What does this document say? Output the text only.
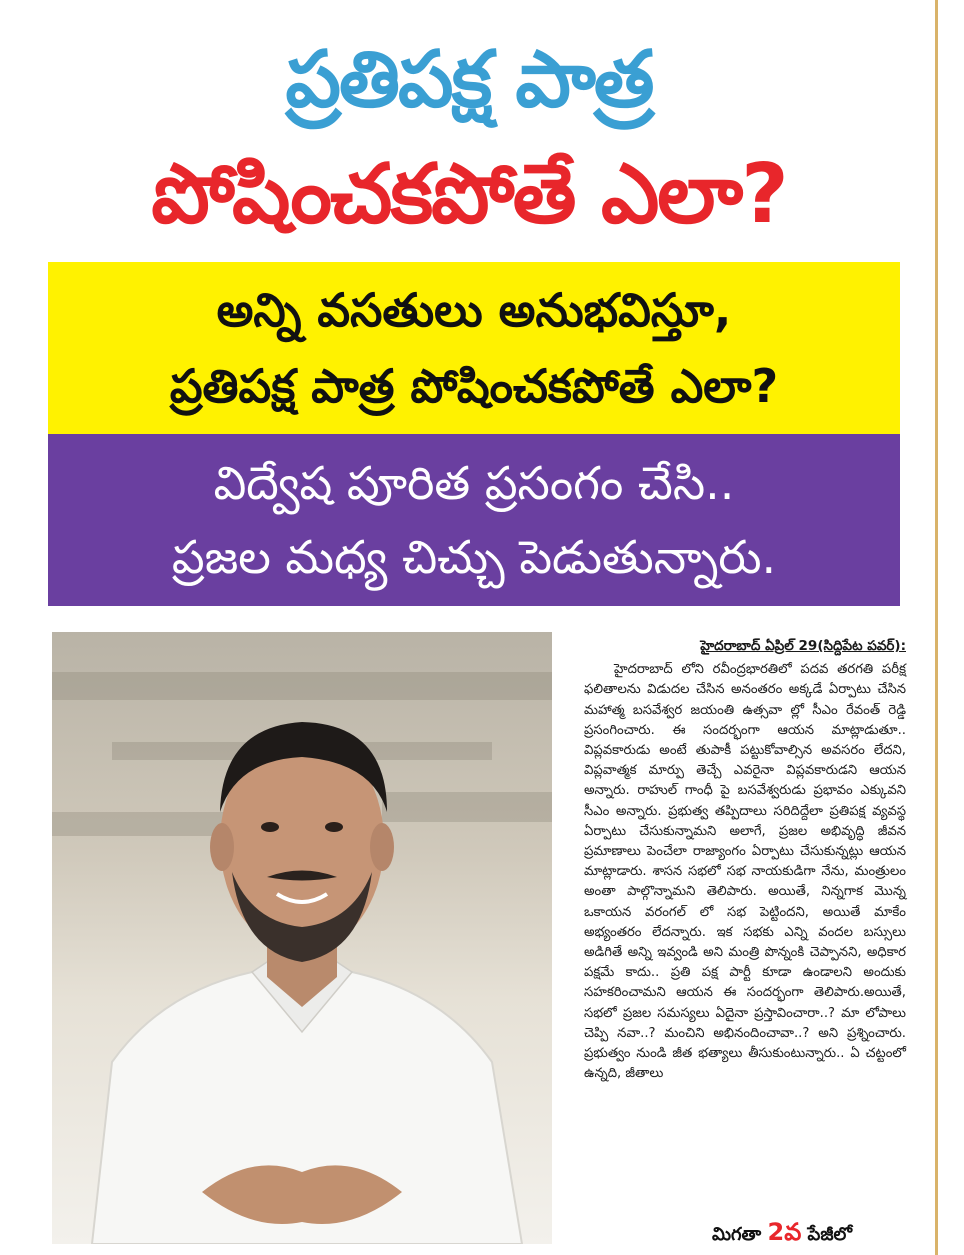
ప్రతిపక్ష పాత్ర
పోషించకపోతే ఎలా?
అన్ని వసతులు అనుభవిస్తూ,
ప్రతిపక్ష పాత్ర పోషించకపోతే ఎలా?
విద్వేష పూరిత ప్రసంగం చేసి..
ప్రజల మధ్య చిచ్చు పెడుతున్నారు.
హైదరాబాద్ ఏప్రిల్ 29(సిద్దిపేట పవర్):
హైదరాబాద్ లోని రవీంద్రభారతిలో పదవ తరగతి పరీక్ష ఫలితాలను విడుదల చేసిన అనంతరం అక్కడే ఏర్పాటు చేసిన మహాత్మ బసవేశ్వర జయంతి ఉత్సవా ల్లో సీఎం రేవంత్ రెడ్డి ప్రసంగించారు. ఈ సందర్భంగా ఆయన మాట్లాడుతూ.. విప్లవకారుడు అంటే తుపాకీ పట్టుకోవాల్సిన అవసరం లేదని, విప్లవాత్మక మార్పు తెచ్చే ఎవరైనా విప్లవకారుడని ఆయన అన్నారు. రాహుల్ గాంధీ పై బసవేశ్వరుడు ప్రభావం ఎక్కువని సీఎం అన్నారు. ప్రభుత్వ తప్పిదాలు సరిదిద్దేలా ప్రతిపక్ష వ్యవస్థ ఏర్పాటు చేసుకున్నామని అలాగే, ప్రజల అభివృద్ధి జీవన ప్రమాణాలు పెంచేలా రాజ్యాంగం ఏర్పాటు చేసుకున్నట్లు ఆయన మాట్లాడారు. శాసన సభలో సభ నాయకుడిగా నేను, మంత్రులం అంతా పాల్గొన్నామని తెలిపారు. అయితే, నిన్నగాక మొన్న ఒకాయన వరంగల్ లో సభ పెట్టిందని, అయితే మాకేం అభ్యంతరం లేదన్నారు. ఇక సభకు ఎన్ని వందల బస్సులు అడిగితే అన్ని ఇవ్వండి అని మంత్రి పొన్నంకి చెప్పానని, అధికార పక్షమే కాదు.. ప్రతి పక్ష పార్టీ కూడా ఉండాలని అందుకు సహకరించామని ఆయన ఈ సందర్భంగా తెలిపారు.అయితే, సభలో ప్రజల సమస్యలు ఏదైనా ప్రస్తావించారా..? మా లోపాలు చెప్పి నవా..? మంచిని అభినందించావా..? అని ప్రశ్నించారు. ప్రభుత్వం నుండి జీత భత్యాలు తీసుకుంటున్నారు.. ఏ చట్టంలో ఉన్నది, జీతాలు
మిగతా 2వ పేజీలో
